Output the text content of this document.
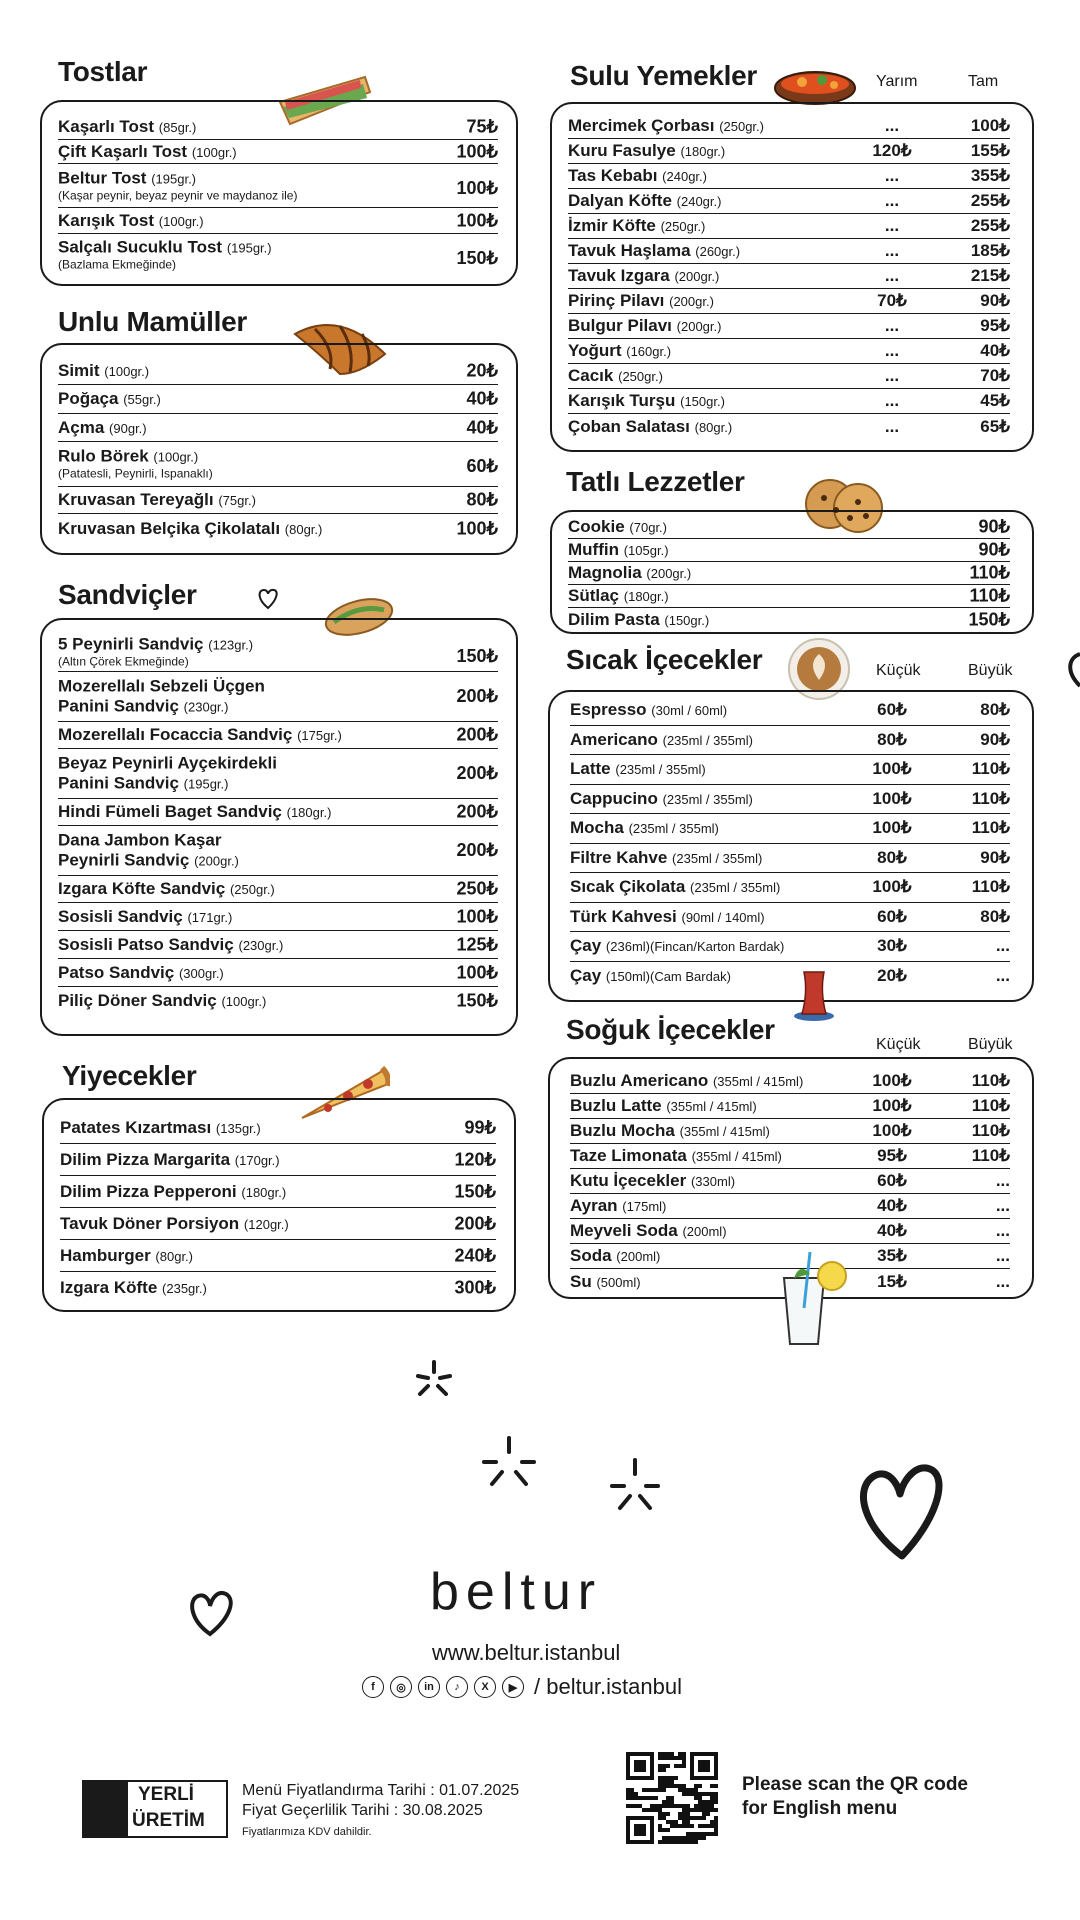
Tostlar
Kaşarlı Tost (85gr.)	75₺
Çift Kaşarlı Tost (100gr.)	100₺
Beltur Tost (195gr.)
(Kaşar peynir, beyaz peynir ve maydanoz ile)	100₺
Karışık Tost (100gr.)	100₺
Salçalı Sucuklu Tost (195gr.)
(Bazlama Ekmeğinde)	150₺
Unlu Mamüller
Simit (100gr.)	20₺
Poğaça (55gr.)	40₺
Açma (90gr.)	40₺
Rulo Börek (100gr.)
(Patatesli, Peynirli, Ispanaklı)	60₺
Kruvasan Tereyağlı (75gr.)	80₺
Kruvasan Belçika Çikolatalı (80gr.)	100₺
Sandviçler
5 Peynirli Sandviç (123gr.)
(Altın Çörek Ekmeğinde)	150₺
Mozerellalı Sebzeli Üçgen
Panini Sandviç (230gr.)
200₺
Mozerellalı Focaccia Sandviç (175gr.)	200₺
Beyaz Peynirli Ayçekirdekli
Panini Sandviç (195gr.)
200₺
Hindi Fümeli Baget Sandviç (180gr.)	200₺
Dana Jambon Kaşar
Peynirli Sandviç (200gr.)
200₺
Izgara Köfte Sandviç (250gr.)	250₺
Sosisli Sandviç (171gr.)	100₺
Sosisli Patso Sandviç (230gr.)	125₺
Patso Sandviç (300gr.)	100₺
Piliç Döner Sandviç (100gr.)	150₺
Yiyecekler
Patates Kızartması (135gr.)	99₺
Dilim Pizza Margarita (170gr.)	120₺
Dilim Pizza Pepperoni (180gr.)	150₺
Tavuk Döner Porsiyon (120gr.)	200₺
Hamburger (80gr.)	240₺
Izgara Köfte (235gr.)	300₺
Sulu Yemekler	Yarım	Tam
Mercimek Çorbası (250gr.)	...	100₺
Kuru Fasulye (180gr.)	120₺	155₺
Tas Kebabı (240gr.)	...	355₺
Dalyan Köfte (240gr.)	...	255₺
İzmir Köfte (250gr.)	...	255₺
Tavuk Haşlama (260gr.)	...	185₺
Tavuk Izgara (200gr.)	...	215₺
Pirinç Pilavı (200gr.)	70₺	90₺
Bulgur Pilavı (200gr.)	...	95₺
Yoğurt (160gr.)	...	40₺
Cacık (250gr.)	...	70₺
Karışık Turşu (150gr.)	...	45₺
Çoban Salatası (80gr.)	...	65₺
Tatlı Lezzetler
Cookie (70gr.)	90₺
Muffin (105gr.)	90₺
Magnolia (200gr.)	110₺
Sütlaç (180gr.)	110₺
Dilim Pasta (150gr.)	150₺
Sıcak İçecekler	Küçük	Büyük
Espresso (30ml / 60ml)	60₺	80₺
Americano (235ml / 355ml)	80₺	90₺
Latte (235ml / 355ml)	100₺	110₺
Cappucino (235ml / 355ml)	100₺	110₺
Mocha (235ml / 355ml)	100₺	110₺
Filtre Kahve (235ml / 355ml)	80₺	90₺
Sıcak Çikolata (235ml / 355ml)	100₺	110₺
Türk Kahvesi (90ml / 140ml)	60₺	80₺
Çay (236ml)(Fincan/Karton Bardak)	30₺	...
Çay (150ml)(Cam Bardak)	20₺	...
Soğuk İçecekler	Küçük	Büyük
Buzlu Americano (355ml / 415ml)	100₺	110₺
Buzlu Latte (355ml / 415ml)	100₺	110₺
Buzlu Mocha (355ml / 415ml)	100₺	110₺
Taze Limonata (355ml / 415ml)	95₺	110₺
Kutu İçecekler (330ml)	60₺	...
Ayran (175ml)	40₺	...
Meyveli Soda (200ml)	40₺	...
Soda (200ml)	35₺	...
Su (500ml)	15₺	...
beltur
www.beltur.istanbul
f	◎	in	♪	X	▶ / beltur.istanbul
YERLİ
ÜRETİM
Menü Fiyatlandırma Tarihi : 01.07.2025
Fiyat Geçerlilik Tarihi : 30.08.2025
Fiyatlarımıza KDV dahildir.
Please scan the QR code
for English menu
